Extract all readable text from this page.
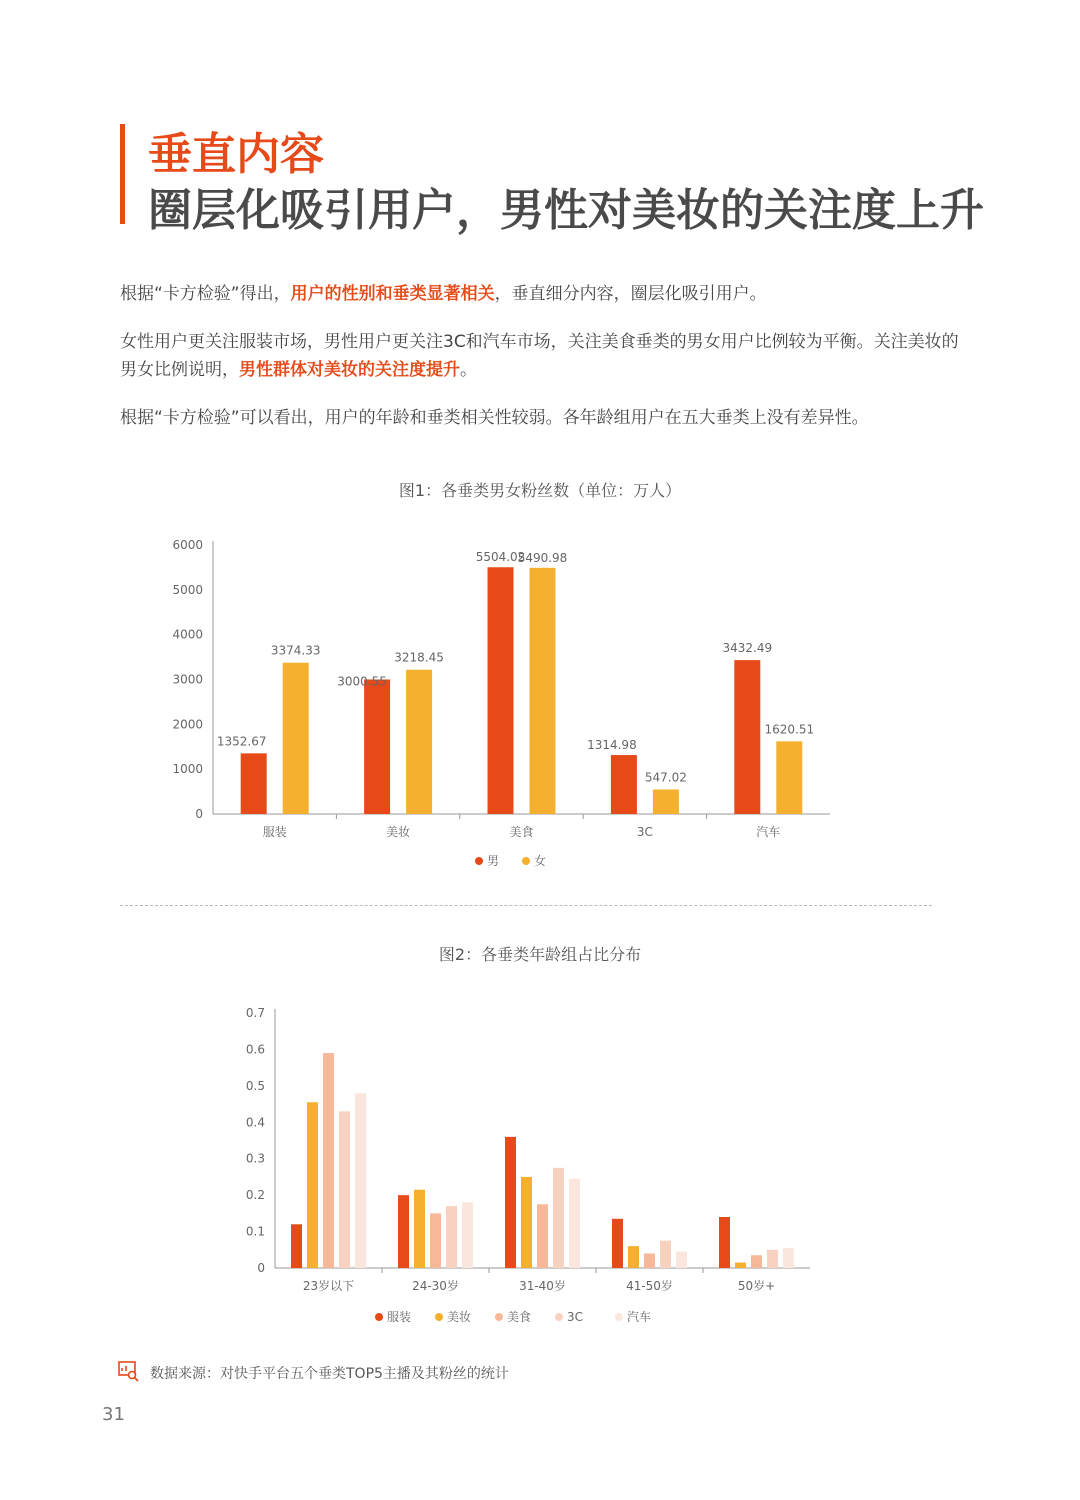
垂直内容
圈层化吸引用户，男性对美妆的关注度上升
根据“卡方检验”得出，用户的性别和垂类显著相关，垂直细分内容，圈层化吸引用户。
女性用户更关注服装市场，男性用户更关注3C和汽车市场，关注美食垂类的男女用户比例较为平衡。关注美妆的男女比例说明，男性群体对美妆的关注度提升。
根据“卡方检验”可以看出，用户的年龄和垂类相关性较弱。各年龄组用户在五大垂类上没有差异性。
图1：各垂类男女粉丝数（单位：万人）
0
1000
2000
3000
4000
5000
6000
服装
1352.67
3374.33
美妆
3000.55
3218.45
美食
5504.02
5490.98
3C
1314.98
547.02
汽车
3432.49
1620.51
男	女
图2：各垂类年龄组占比分布
0
0.1
0.2
0.3
0.4
0.5
0.6
0.7
23岁以下	24-30岁	31-40岁	41-50岁	50岁+
服装	美妆	美食	3C	汽车
数据来源：对快手平台五个垂类TOP5主播及其粉丝的统计
31
